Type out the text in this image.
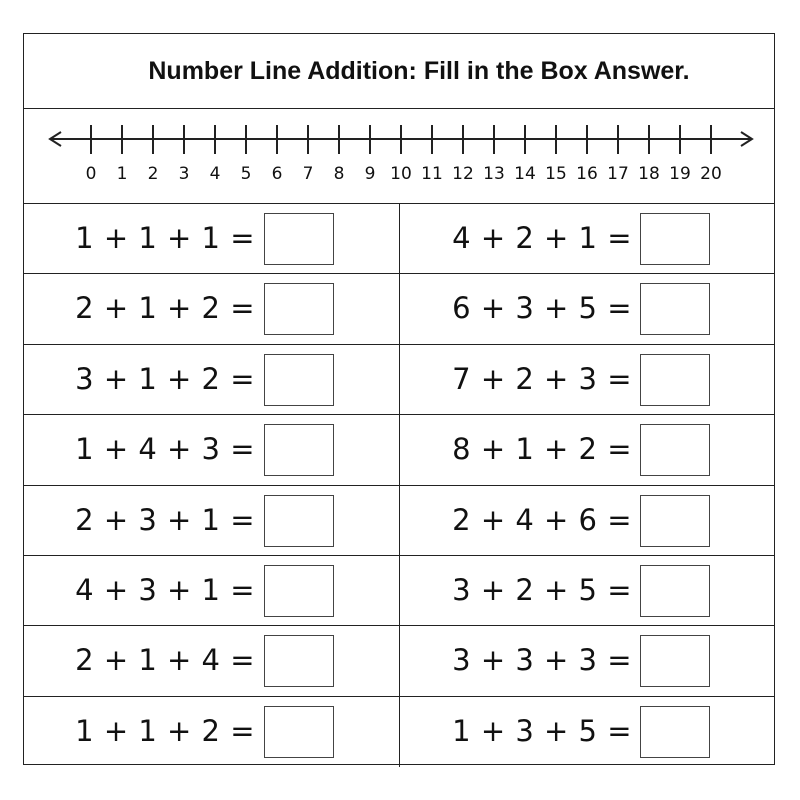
Number Line Addition: Fill in the Box Answer.
0 1 2 3 4 5 6 7 8 9 10 11 12 13 14 15 16 17 18 19 20
1 + 1 + 1 =	4 + 2 + 1 =
2 + 1 + 2 =	6 + 3 + 5 =
3 + 1 + 2 =	7 + 2 + 3 =
1 + 4 + 3 =	8 + 1 + 2 =
2 + 3 + 1 =	2 + 4 + 6 =
4 + 3 + 1 =	3 + 2 + 5 =
2 + 1 + 4 =	3 + 3 + 3 =
1 + 1 + 2 =	1 + 3 + 5 =
